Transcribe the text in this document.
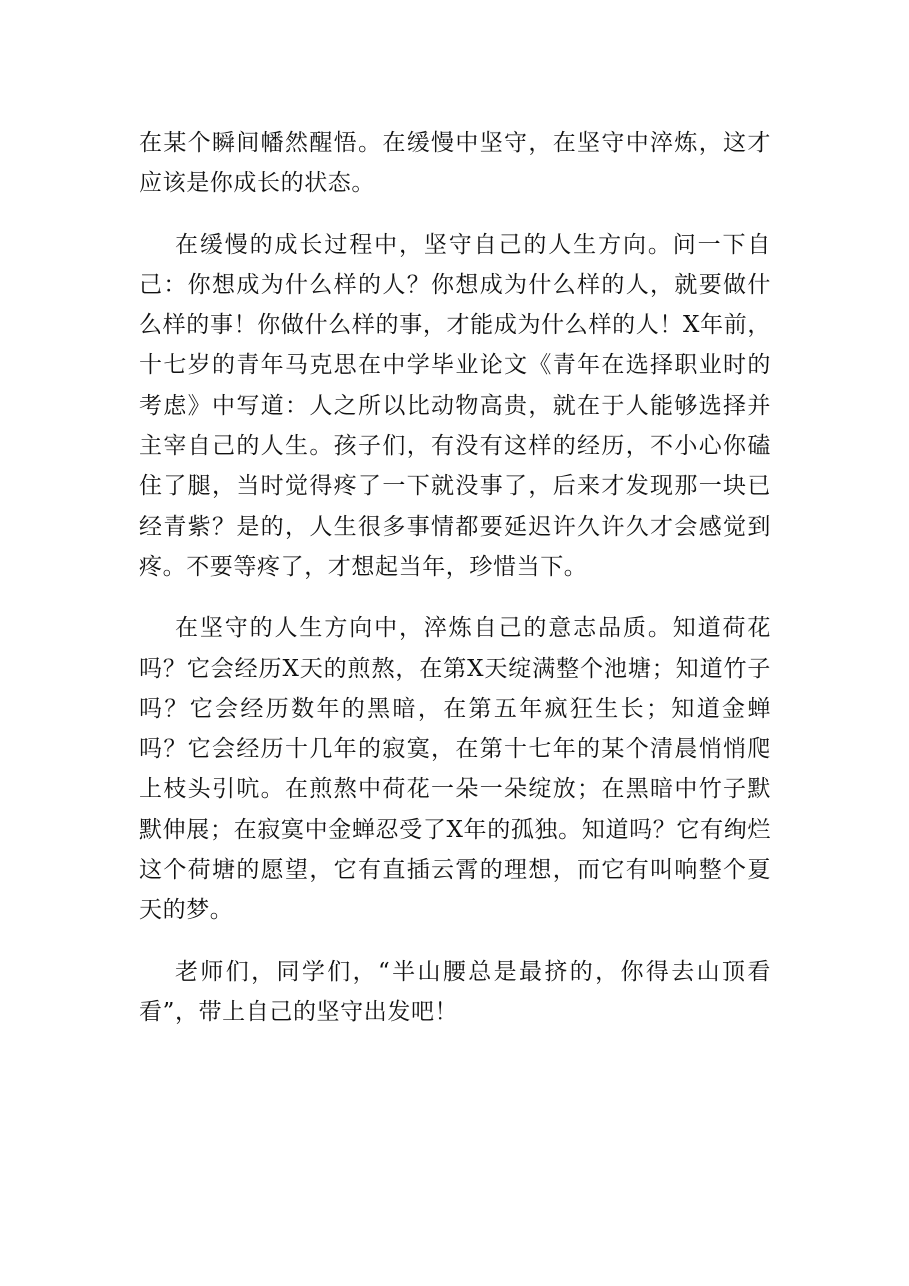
在某个瞬间幡然醒悟。在缓慢中坚守，在坚守中淬炼，这才应该是你成长的状态。

在缓慢的成长过程中，坚守自己的人生方向。问一下自己：你想成为什么样的人？你想成为什么样的人，就要做什么样的事！你做什么样的事，才能成为什么样的人！X年前，十七岁的青年马克思在中学毕业论文《青年在选择职业时的考虑》中写道：人之所以比动物高贵，就在于人能够选择并主宰自己的人生。孩子们，有没有这样的经历，不小心你磕住了腿，当时觉得疼了一下就没事了，后来才发现那一块已经青紫？是的，人生很多事情都要延迟许久许久才会感觉到疼。不要等疼了，才想起当年，珍惜当下。

在坚守的人生方向中，淬炼自己的意志品质。知道荷花吗？它会经历X天的煎熬，在第X天绽满整个池塘；知道竹子吗？它会经历数年的黑暗，在第五年疯狂生长；知道金蝉吗？它会经历十几年的寂寞，在第十七年的某个清晨悄悄爬上枝头引吭。在煎熬中荷花一朵一朵绽放；在黑暗中竹子默默伸展；在寂寞中金蝉忍受了X年的孤独。知道吗？它有绚烂这个荷塘的愿望，它有直插云霄的理想，而它有叫响整个夏天的梦。

老师们，同学们，“半山腰总是最挤的，你得去山顶看看”，带上自己的坚守出发吧！
